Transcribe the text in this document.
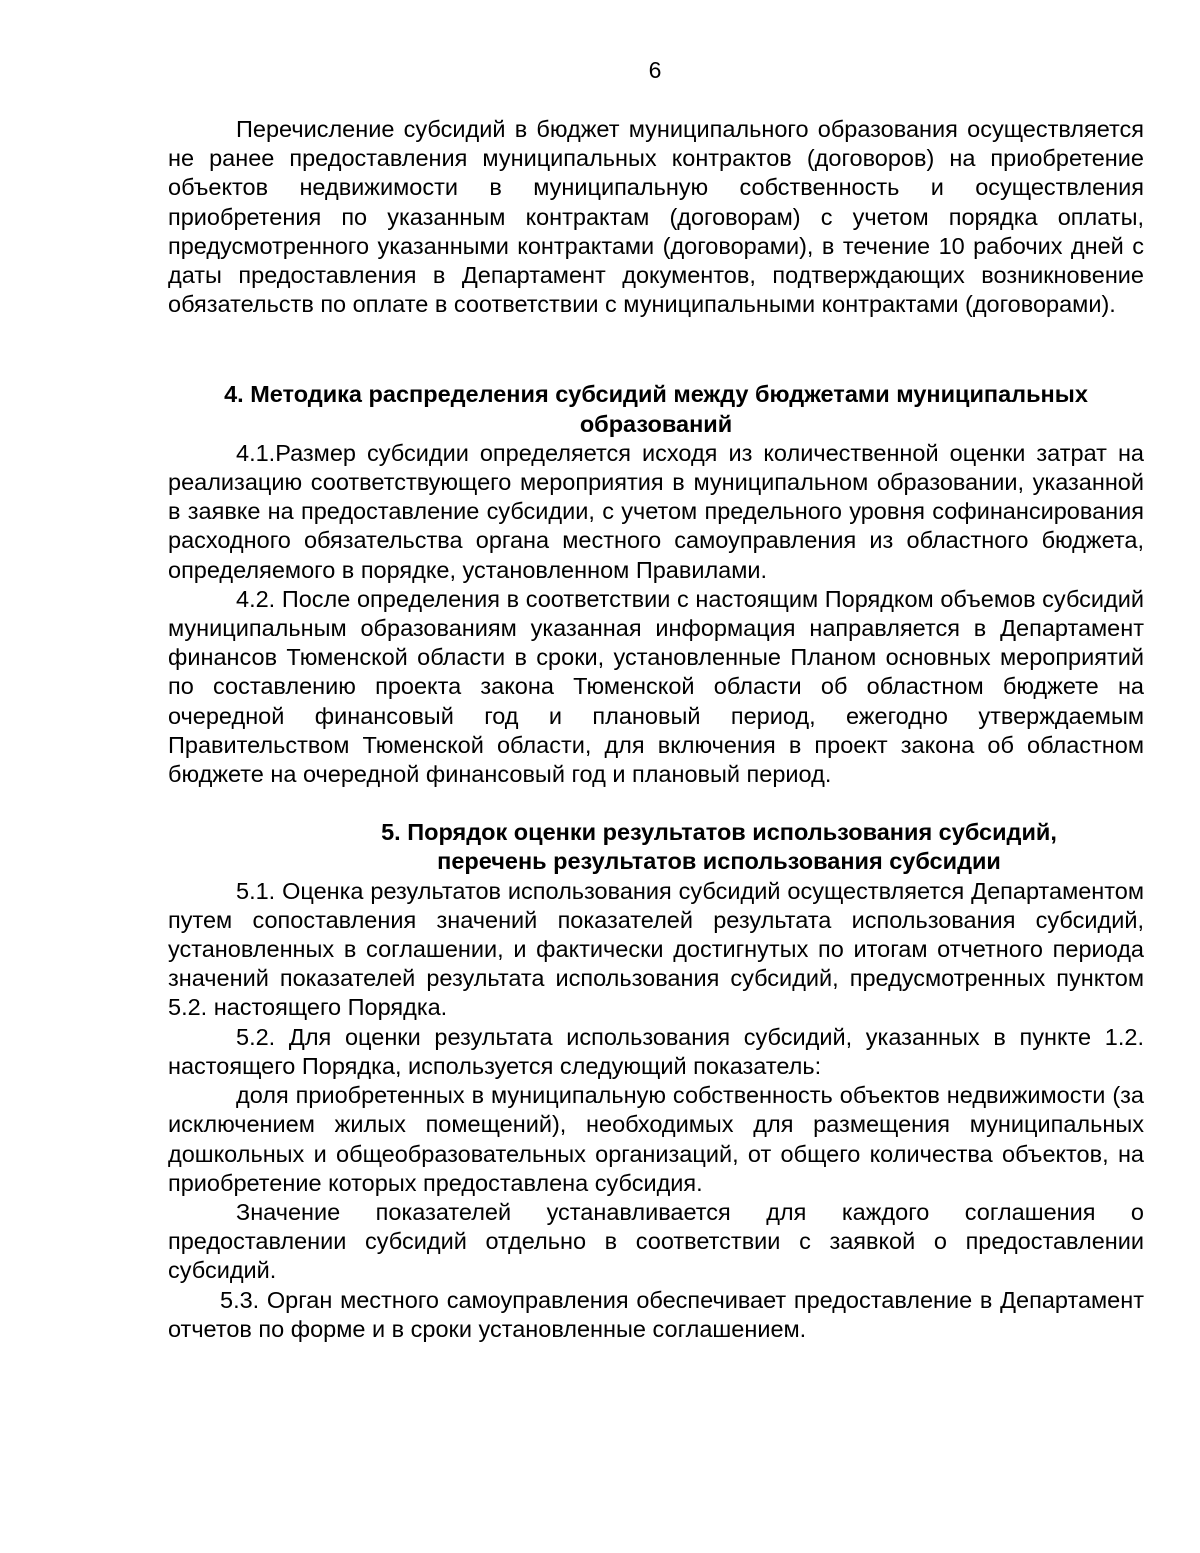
6

Перечисление субсидий в бюджет муниципального образования осуществляется не ранее предоставления муниципальных контрактов (договоров) на приобретение объектов недвижимости в муниципальную собственность и осуществления приобретения по указанным контрактам (договорам) с учетом порядка оплаты, предусмотренного указанными контрактами (договорами), в течение 10 рабочих дней с даты предоставления в Департамент документов, подтверждающих возникновение обязательств по оплате в соответствии с муниципальными контрактами (договорами).

4. Методика распределения субсидий между бюджетами муниципальных
образований

4.1.Размер субсидии определяется исходя из количественной оценки затрат на реализацию соответствующего мероприятия в муниципальном образовании, указанной в заявке на предоставление субсидии, с учетом предельного уровня софинансирования расходного обязательства органа местного самоуправления из областного бюджета, определяемого в порядке, установленном Правилами.

4.2. После определения в соответствии с настоящим Порядком объемов субсидий муниципальным образованиям указанная информация направляется в Департамент финансов Тюменской области в сроки, установленные Планом основных мероприятий по составлению проекта закона Тюменской области об областном бюджете на очередной финансовый год и плановый период, ежегодно утверждаемым Правительством Тюменской области, для включения в проект закона об областном бюджете на очередной финансовый год и плановый период.

5. Порядок оценки результатов использования субсидий,
перечень результатов использования субсидии

5.1. Оценка результатов использования субсидий осуществляется Департаментом путем сопоставления значений показателей результата использования субсидий, установленных в соглашении, и фактически достигнутых по итогам отчетного периода значений показателей результата использования субсидий, предусмотренных пунктом 5.2. настоящего Порядка.

5.2. Для оценки результата использования субсидий, указанных в пункте 1.2. настоящего Порядка, используется следующий показатель:

доля приобретенных в муниципальную собственность объектов недвижимости (за исключением жилых помещений), необходимых для размещения муниципальных дошкольных и общеобразовательных организаций, от общего количества объектов, на приобретение которых предоставлена субсидия.

Значение показателей устанавливается для каждого соглашения о предоставлении субсидий отдельно в соответствии с заявкой о предоставлении субсидий.

5.3. Орган местного самоуправления обеспечивает предоставление в Департамент отчетов по форме и в сроки установленные соглашением.
